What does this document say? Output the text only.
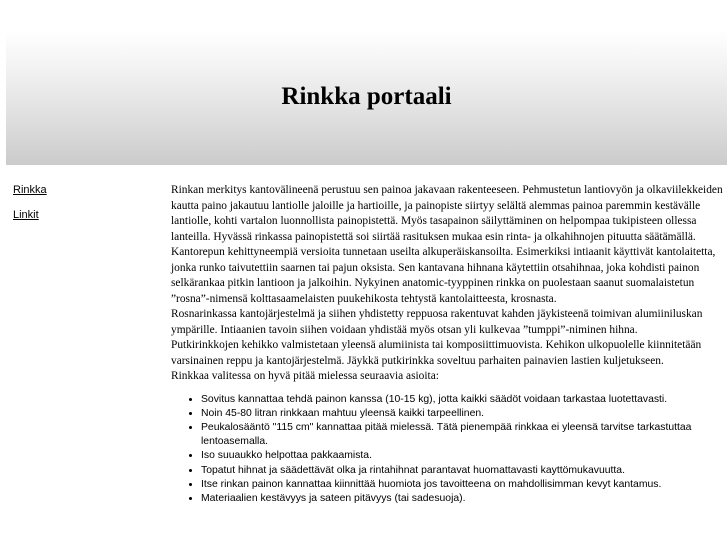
Rinkka portaali
Rinkka
Linkit

Rinkan merkitys kantovälineenä perustuu sen painoa jakavaan rakenteeseen. Pehmustetun lantiovyön ja olkaviilekkeiden kautta paino jakautuu lantiolle jaloille ja hartioille, ja painopiste siirtyy selältä alemmas painoa paremmin kestävälle lantiolle, kohti vartalon luonnollista painopistettä. Myös tasapainon säilyttäminen on helpompaa tukipisteen ollessa lanteilla. Hyvässä rinkassa painopistettä soi siirtää rasituksen mukaa esin rinta- ja olkahihnojen pituutta säätämällä.

Kantorepun kehittyneempiä versioita tunnetaan useilta alkuperäiskansoilta. Esimerkiksi intiaanit käyttivät kantolaitetta, jonka runko taivutettiin saarnen tai pajun oksista. Sen kantavana hihnana käytettiin otsahihnaa, joka kohdisti painon selkärankaa pitkin lantioon ja jalkoihin. Nykyinen anatomic-tyyppinen rinkka on puolestaan saanut suomalaistetun ”rosna”-nimensä kolttasaamelaisten puukehikosta tehtystä kantolaitteesta, krosnasta.

Rosnarinkassa kantojärjestelmä ja siihen yhdistetty reppuosa rakentuvat kahden jäykisteenä toimivan alumiiniluskan ympärille. Intiaanien tavoin siihen voidaan yhdistää myös otsan yli kulkevaa ”tumppi”-niminen hihna.

Putkirinkkojen kehikko valmistetaan yleensä alumiinista tai komposiittimuovista. Kehikon ulkopuolelle kiinnitetään varsinainen reppu ja kantojärjestelmä. Jäykkä putkirinkka soveltuu parhaiten painavien lastien kuljetukseen.

Rinkkaa valitessa on hyvä pitää mielessa seuraavia asioita:

• Sovitus kannattaa tehdä painon kanssa (10-15 kg), jotta kaikki säädöt voidaan tarkastaa luotettavasti.
• Noin 45-80 litran rinkkaan mahtuu yleensä kaikki tarpeellinen.
• Peukalosääntö "115 cm" kannattaa pitää mielessä. Tätä pienempää rinkkaa ei yleensä tarvitse tarkastuttaa lentoasemalla.
• Iso suuaukko helpottaa pakkaamista.
• Topatut hihnat ja säädettävät olka ja rintahihnat parantavat huomattavasti kayttömukavuutta.
• Itse rinkan painon kannattaa kiinnittää huomiota jos tavoitteena on mahdollisimman kevyt kantamus.
• Materiaalien kestävyys ja sateen pitävyys (tai sadesuoja).
